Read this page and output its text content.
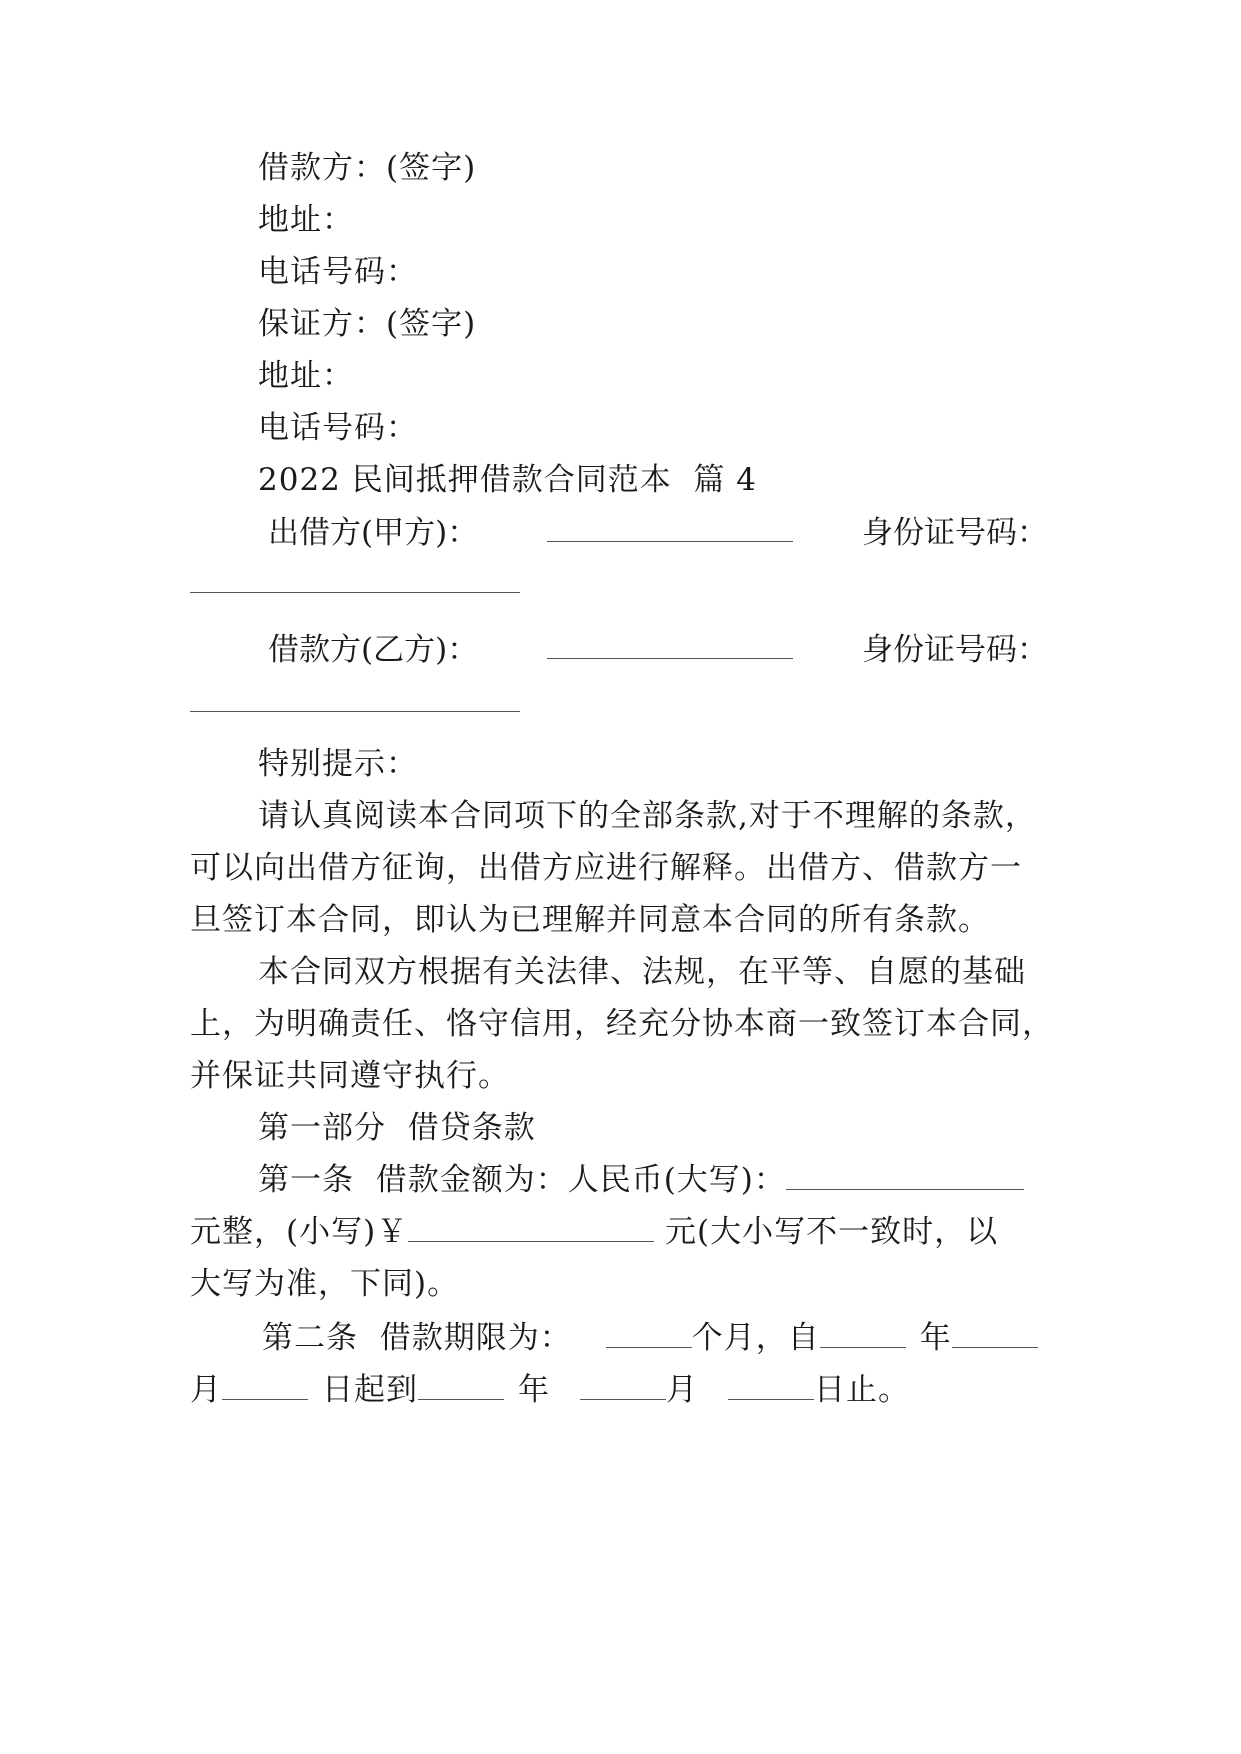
借款方：(签字)
地址：
电话号码：
保证方：(签字)
地址：
电话号码：
2022 民间抵押借款合同范本  篇 4
出借方(甲方)：	身份证号码：
借款方(乙方)：	身份证号码：
特别提示：
请认真阅读本合同项下的全部条款,对于不理解的条款，
可以向出借方征询，出借方应进行解释。出借方、借款方一
旦签订本合同，即认为已理解并同意本合同的所有条款。
本合同双方根据有关法律、法规，在平等、自愿的基础
上，为明确责任、恪守信用，经充分协本商一致签订本合同，
并保证共同遵守执行。
第一部分  借贷条款
第一条  借款金额为：人民币(大写)：
元整，(小写)￥	元(大小写不一致时，以
大写为准，下同)。
第二条  借款期限为：	个月，自	年
月	日起到	年	月	日止。
